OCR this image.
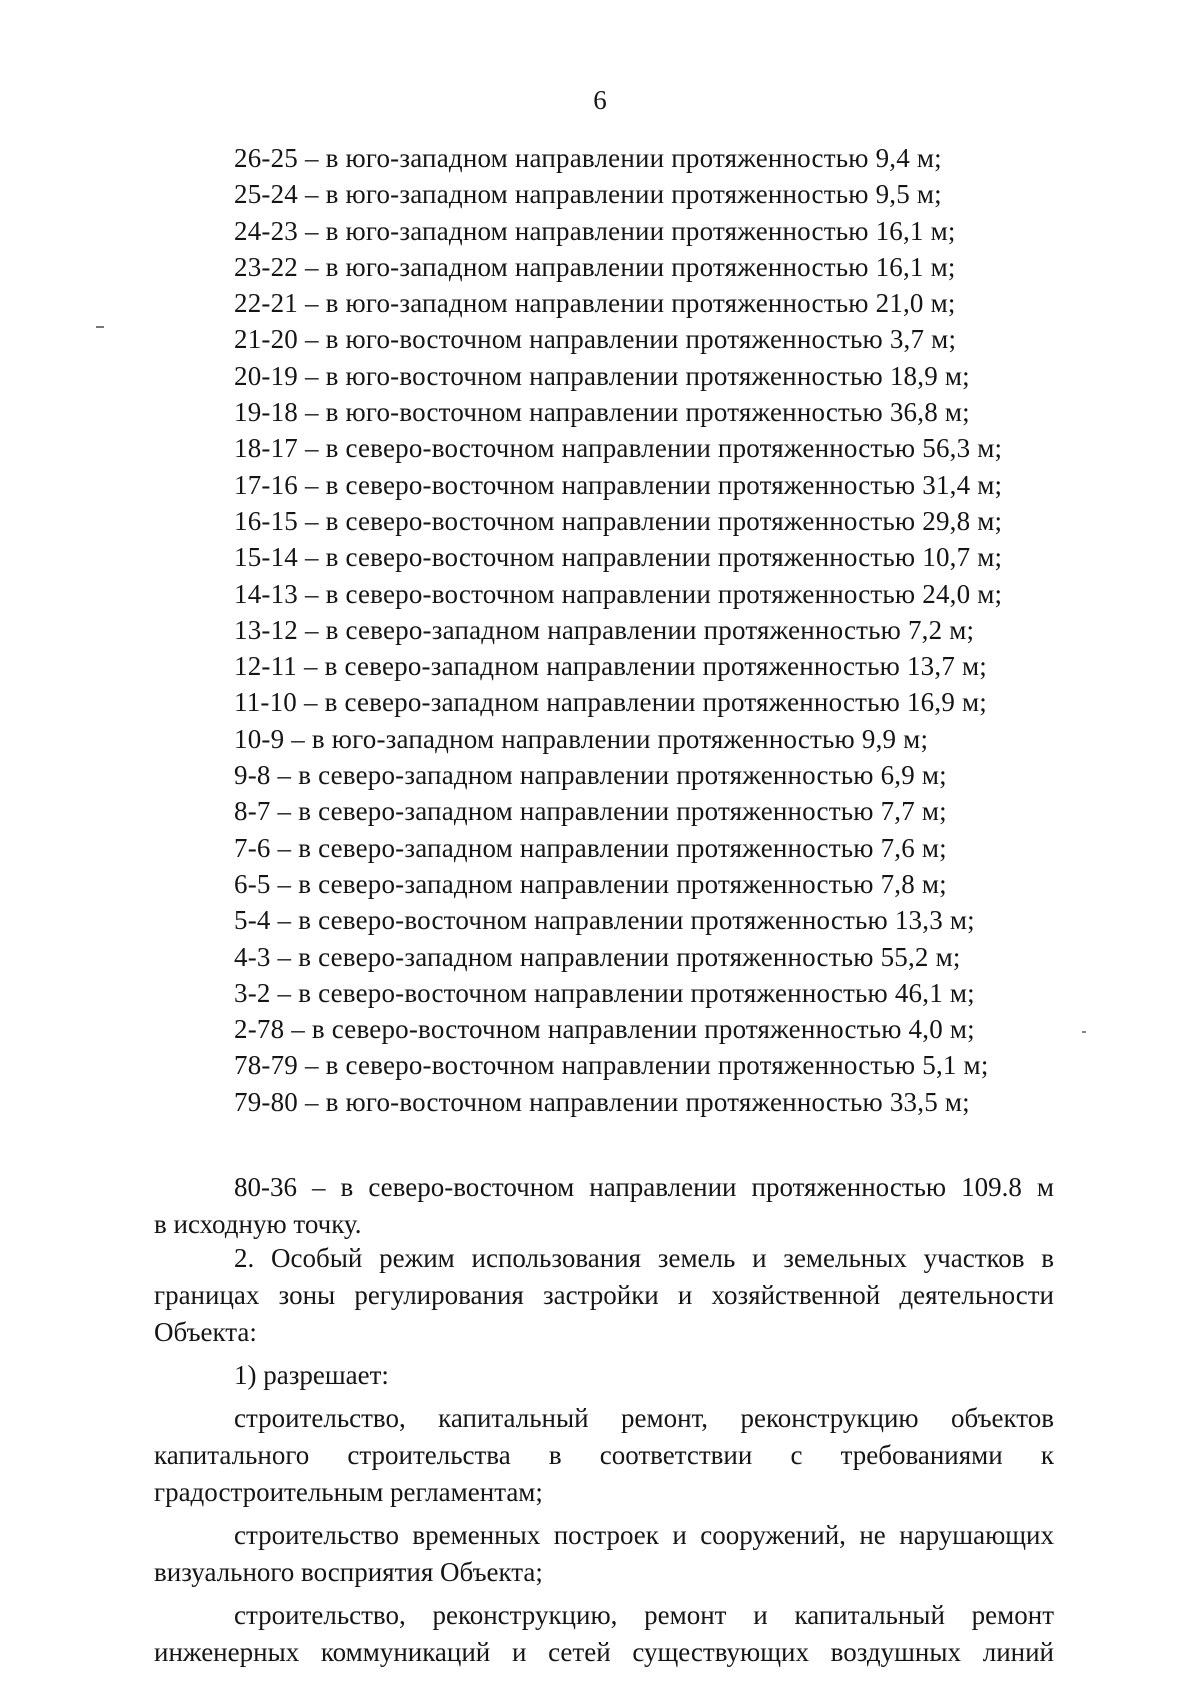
6
26-25 – в юго-западном направлении протяженностью 9,4 м;
25-24 – в юго-западном направлении протяженностью 9,5 м;
24-23 – в юго-западном направлении протяженностью 16,1 м;
23-22 – в юго-западном направлении протяженностью 16,1 м;
22-21 – в юго-западном направлении протяженностью 21,0 м;
21-20 – в юго-восточном направлении протяженностью 3,7 м;
20-19 – в юго-восточном направлении протяженностью 18,9 м;
19-18 – в юго-восточном направлении протяженностью 36,8 м;
18-17 – в северо-восточном направлении протяженностью 56,3 м;
17-16 – в северо-восточном направлении протяженностью 31,4 м;
16-15 – в северо-восточном направлении протяженностью 29,8 м;
15-14 – в северо-восточном направлении протяженностью 10,7 м;
14-13 – в северо-восточном направлении протяженностью 24,0 м;
13-12 – в северо-западном направлении протяженностью 7,2 м;
12-11 – в северо-западном направлении протяженностью 13,7 м;
11-10 – в северо-западном направлении протяженностью 16,9 м;
10-9 – в юго-западном направлении протяженностью 9,9 м;
9-8 – в северо-западном направлении протяженностью 6,9 м;
8-7 – в северо-западном направлении протяженностью 7,7 м;
7-6 – в северо-западном направлении протяженностью 7,6 м;
6-5 – в северо-западном направлении протяженностью 7,8 м;
5-4 – в северо-восточном направлении протяженностью 13,3 м;
4-3 – в северо-западном направлении протяженностью 55,2 м;
3-2 – в северо-восточном направлении протяженностью 46,1 м;
2-78 – в северо-восточном направлении протяженностью 4,0 м;
78-79 – в северо-восточном направлении протяженностью 5,1 м;
79-80 – в юго-восточном направлении протяженностью 33,5 м;
80-36 – в северо-восточном направлении протяженностью 109.8 м
в исходную точку.

2. Особый режим использования земель и земельных участков в границах зоны регулирования застройки и хозяйственной деятельности Объекта:

1) разрешает:

строительство, капитальный ремонт, реконструкцию объектов капитального строительства в соответствии с требованиями к градостроительным регламентам;

строительство временных построек и сооружений, не нарушающих визуального восприятия Объекта;

строительство, реконструкцию, ремонт и капитальный ремонт инженерных коммуникаций и сетей существующих воздушных линий
